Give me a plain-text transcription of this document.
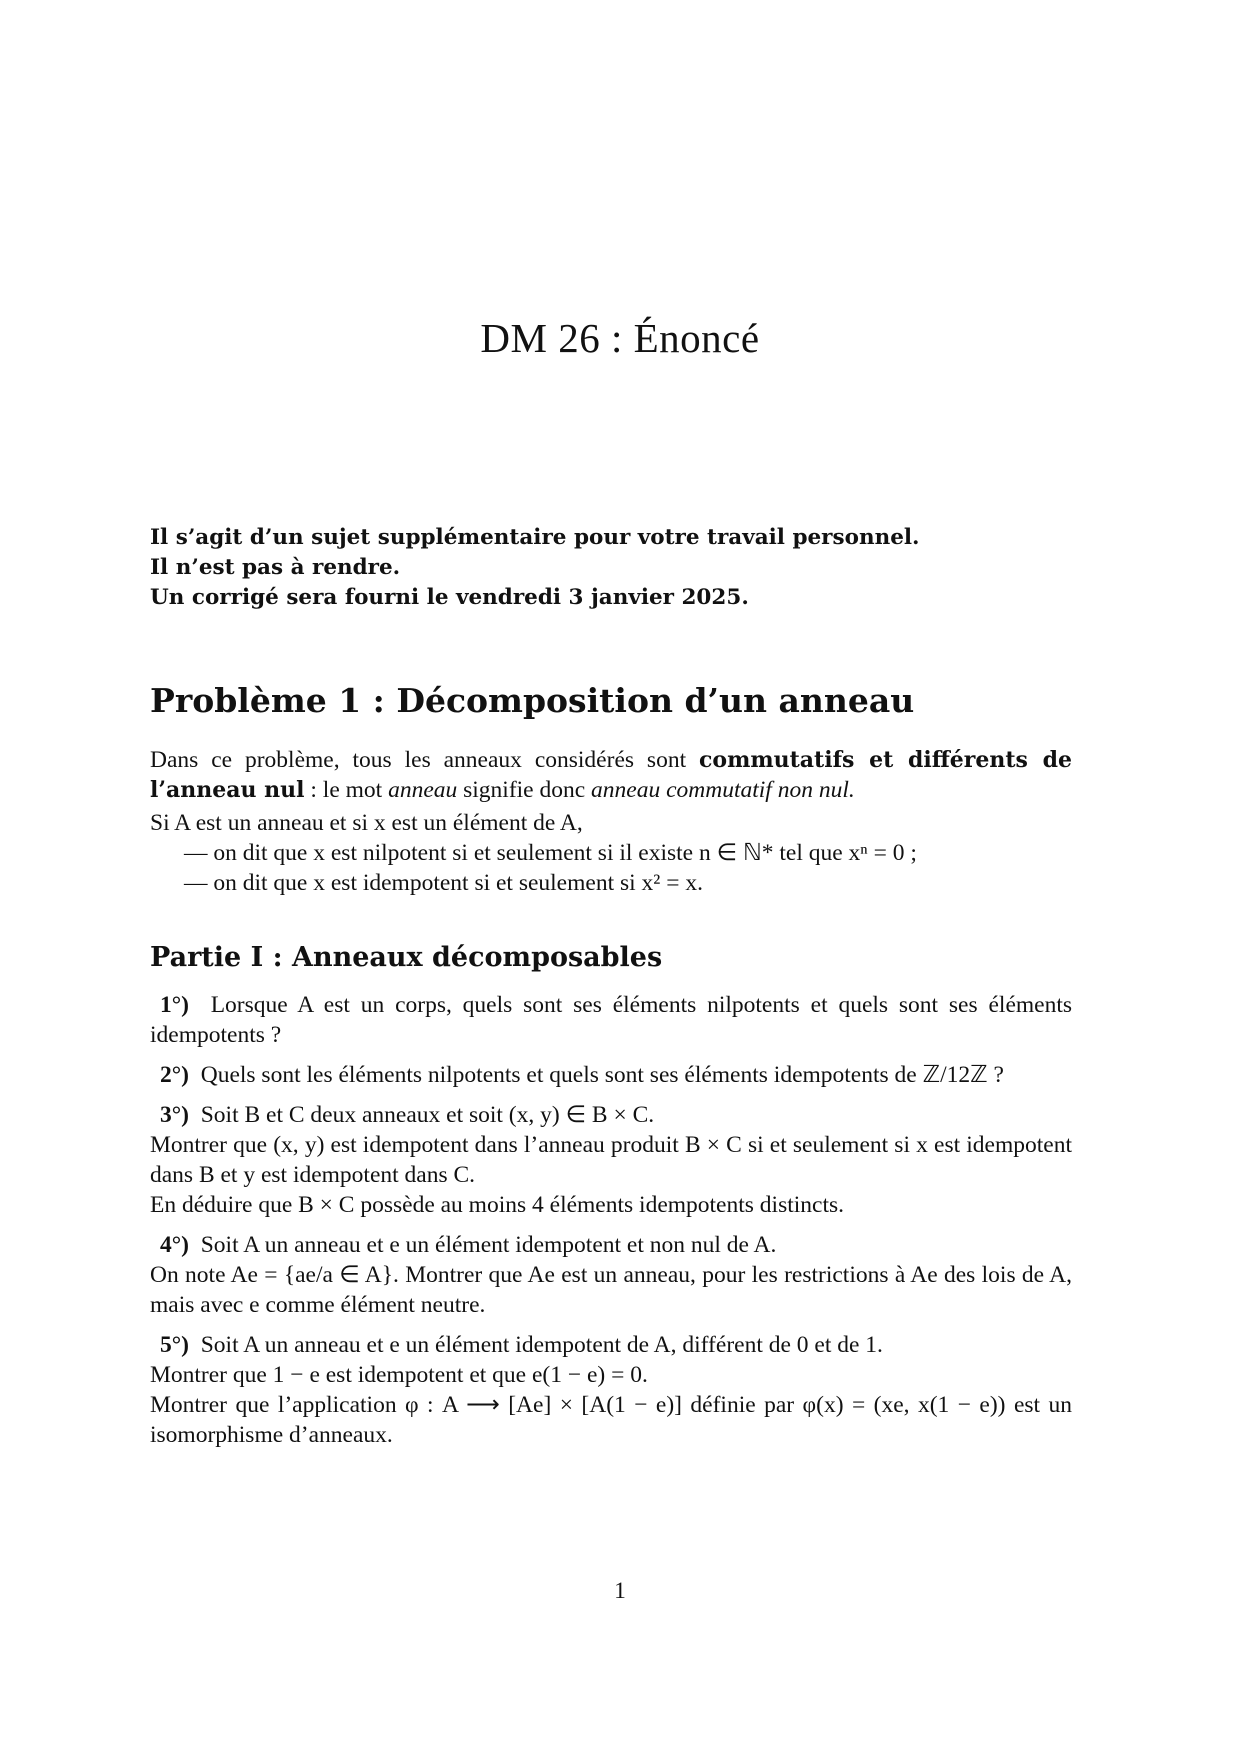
DM 26 : Énoncé
Il s’agit d’un sujet supplémentaire pour votre travail personnel.
Il n’est pas à rendre.
Un corrigé sera fourni le vendredi 3 janvier 2025.
Problème 1 : Décomposition d’un anneau

Dans ce problème, tous les anneaux considérés sont commutatifs et différents de l’anneau nul : le mot anneau signifie donc anneau commutatif non nul.

Si A est un anneau et si x est un élément de A,

— on dit que x est nilpotent si et seulement si il existe n ∈ ℕ* tel que xⁿ = 0 ;
— on dit que x est idempotent si et seulement si x² = x.
Partie I : Anneaux décomposables

1°) Lorsque A est un corps, quels sont ses éléments nilpotents et quels sont ses éléments idempotents ?

2°) Quels sont les éléments nilpotents et quels sont ses éléments idempotents de ℤ/12ℤ ?

3°) Soit B et C deux anneaux et soit (x, y) ∈ B × C.

Montrer que (x, y) est idempotent dans l’anneau produit B × C si et seulement si x est idempotent dans B et y est idempotent dans C.

En déduire que B × C possède au moins 4 éléments idempotents distincts.

4°) Soit A un anneau et e un élément idempotent et non nul de A.

On note Ae = {ae/a ∈ A}. Montrer que Ae est un anneau, pour les restrictions à Ae des lois de A, mais avec e comme élément neutre.

5°) Soit A un anneau et e un élément idempotent de A, différent de 0 et de 1.

Montrer que 1 − e est idempotent et que e(1 − e) = 0.

Montrer que l’application φ : A ⟶ [Ae] × [A(1 − e)] définie par φ(x) = (xe, x(1 − e)) est un isomorphisme d’anneaux.

1
